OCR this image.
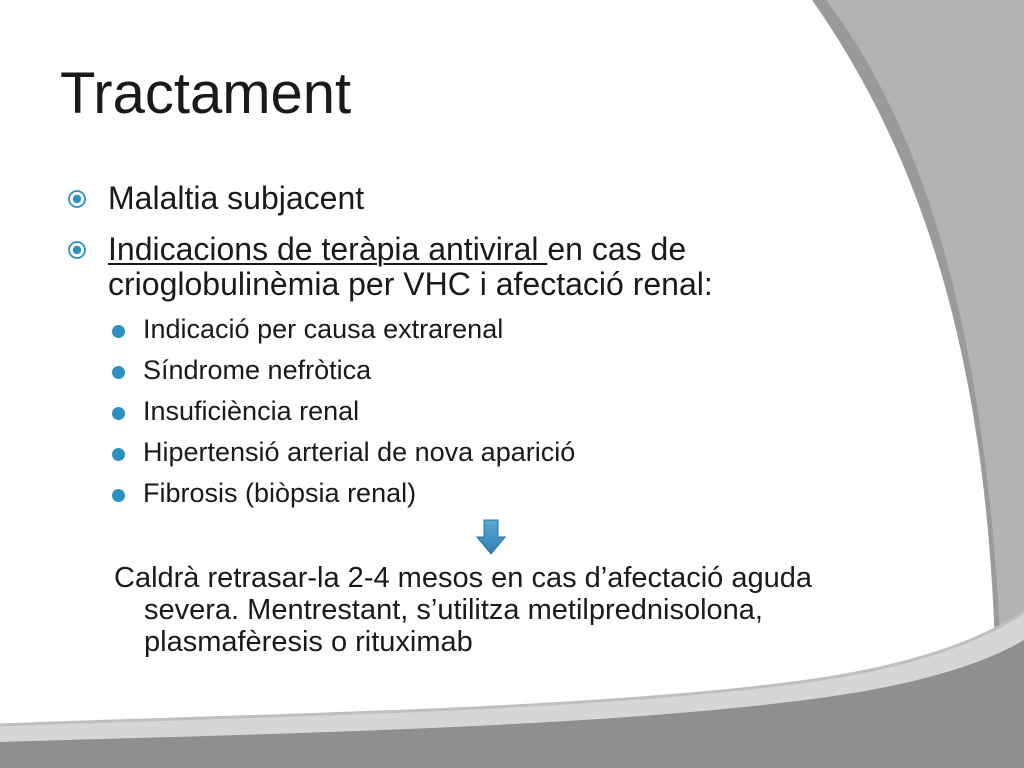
Tractament
Malaltia subjacent
Indicacions de teràpia antiviral en cas de crioglobulinèmia per VHC i afectació renal:
Indicació per causa extrarenal
Síndrome nefròtica
Insuficiència renal
Hipertensió arterial de nova aparició
Fibrosis (biòpsia renal)
Caldrà retrasar-la 2-4 mesos en cas d’afectació aguda severa. Mentrestant, s’utilitza metilprednisolona, plasmafèresis o rituximab
